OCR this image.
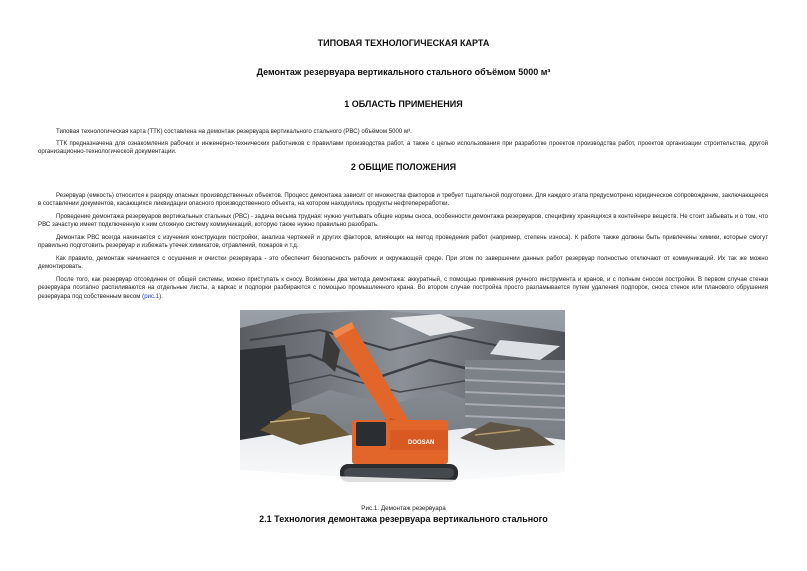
ТИПОВАЯ ТЕХНОЛОГИЧЕСКАЯ КАРТА
Демонтаж резервуара вертикального стального объёмом 5000 м³
1 ОБЛАСТЬ ПРИМЕНЕНИЯ

Типовая технологическая карта (ТТК) составлена на демонтаж резервуара вертикального стального (РВС) объёмом 5000 м³.

ТТК предназначена для ознакомления рабочих и инженерно-технических работников с правилами производства работ, а также с целью использования при разработке проектов производства работ, проектов организации строительства, другой организационно-технологической документации.

2 ОБЩИЕ ПОЛОЖЕНИЯ

Резервуар (емкость) относится к разряду опасных производственных объектов. Процесс демонтажа зависит от множества факторов и требует тщательной подготовки. Для каждого этапа предусмотрено юридическое сопровождение, заключающееся в составлении документов, касающихся ликвидации опасного производственного объекта, на котором находились продукты нефтепереработки.

Проведение демонтажа резервуаров вертикальных стальных (РВС) - задача весьма трудная: нужно учитывать общие нормы сноса, особенности демонтажа резервуаров, специфику хранящихся в контейнере веществ. Не стоит забывать и о том, что РВС зачастую имеет подключенную к ним сложную систему коммуникаций, которую также нужно правильно разобрать.

Демонтаж РВС всегда начинается с изучения конструкции постройки, анализа чертежей и других факторов, влияющих на метод проведения работ (например, степень износа). К работе также должны быть привлечены химики, которые смогут правильно подготовить резервуар и избежать утечек химикатов, отравлений, пожаров и т.д.

Как правило, демонтаж начинается с осушения и очистки резервуара - это обеспечит безопасность рабочих и окружающей среде. При этом по завершении данных работ резервуар полностью отключают от коммуникаций. Их так же можно демонтировать.

После того, как резервуар отсоединен от общей системы, можно приступать к сносу. Возможны два метода демонтажа: аккуратный, с помощью применения ручного инструмента и кранов, и с полным сносом постройки. В первом случае стенки резервуара поэтапно распиливаются на отдельные листы, а каркас и подпорки разбираются с помощью промышленного крана. Во втором случае постройка просто разламывается путем удаления подпорок, сноса стенок или планового обрушения резервуара под собственным весом (рис.1).

DOOSAN
Рис.1. Демонтаж резервуара
2.1 Технология демонтажа резервуара вертикального стального
